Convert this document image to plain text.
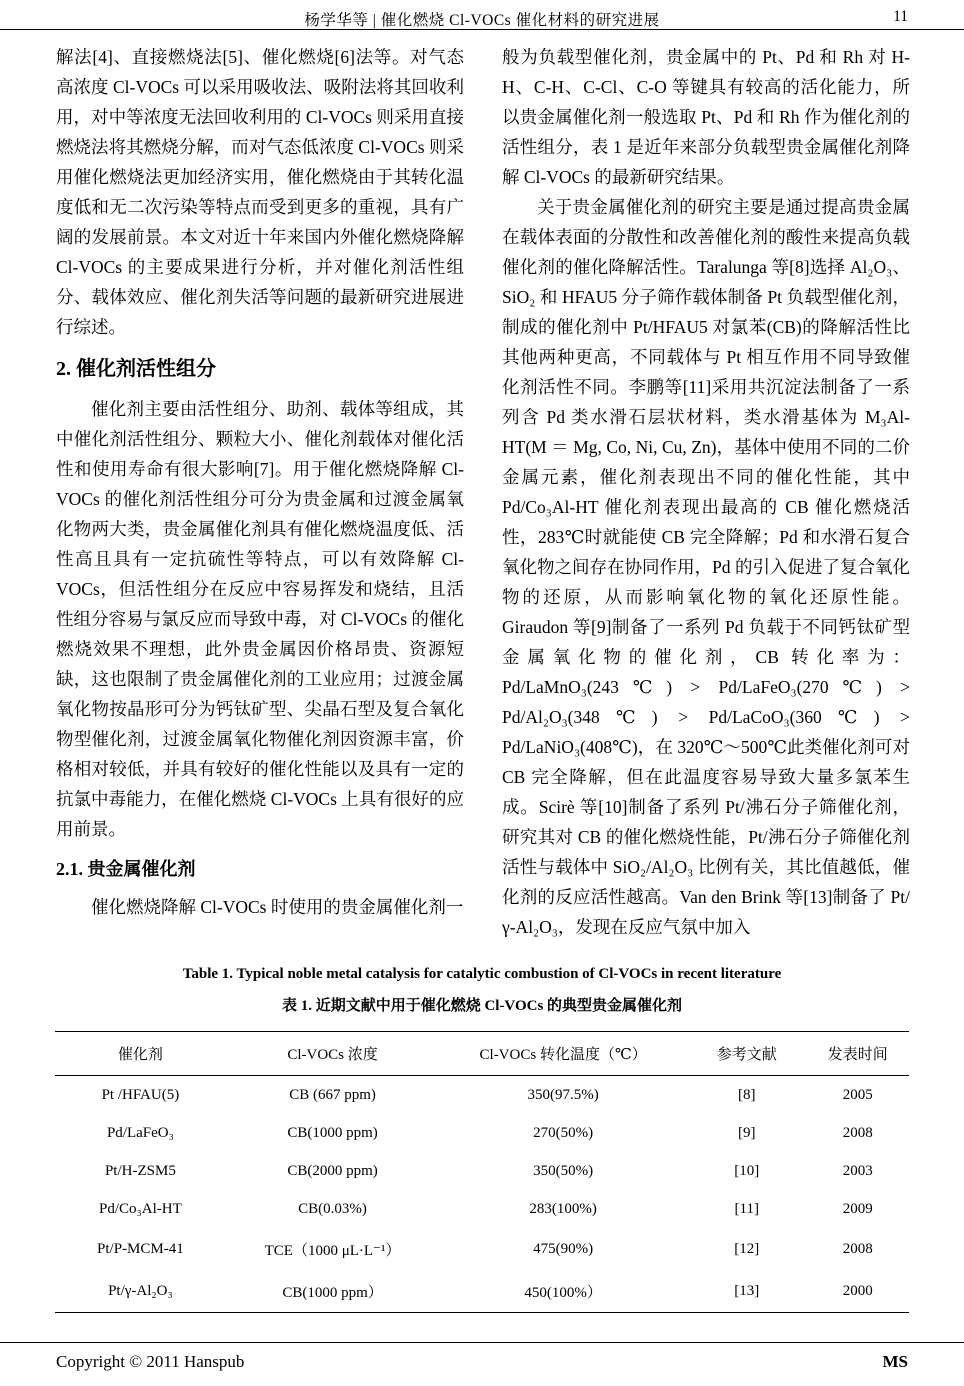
杨学华等 | 催化燃烧 Cl-VOCs 催化材料的研究进展	11

解法[4]、直接燃烧法[5]、催化燃烧[6]法等。对气态高浓度 Cl-VOCs 可以采用吸收法、吸附法将其回收利用，对中等浓度无法回收利用的 Cl-VOCs 则采用直接燃烧法将其燃烧分解，而对气态低浓度 Cl-VOCs 则采用催化燃烧法更加经济实用，催化燃烧由于其转化温度低和无二次污染等特点而受到更多的重视，具有广阔的发展前景。本文对近十年来国内外催化燃烧降解 Cl-VOCs 的主要成果进行分析，并对催化剂活性组分、载体效应、催化剂失活等问题的最新研究进展进行综述。

2. 催化剂活性组分

催化剂主要由活性组分、助剂、载体等组成，其中催化剂活性组分、颗粒大小、催化剂载体对催化活性和使用寿命有很大影响[7]。用于催化燃烧降解 Cl-VOCs 的催化剂活性组分可分为贵金属和过渡金属氧化物两大类，贵金属催化剂具有催化燃烧温度低、活性高且具有一定抗硫性等特点，可以有效降解 Cl-VOCs，但活性组分在反应中容易挥发和烧结，且活性组分容易与氯反应而导致中毒，对 Cl-VOCs 的催化燃烧效果不理想，此外贵金属因价格昂贵、资源短缺，这也限制了贵金属催化剂的工业应用；过渡金属氧化物按晶形可分为钙钛矿型、尖晶石型及复合氧化物型催化剂，过渡金属氧化物催化剂因资源丰富，价格相对较低，并具有较好的催化性能以及具有一定的抗氯中毒能力，在催化燃烧 Cl-VOCs 上具有很好的应用前景。

2.1. 贵金属催化剂

催化燃烧降解 Cl-VOCs 时使用的贵金属催化剂一

般为负载型催化剂，贵金属中的 Pt、Pd 和 Rh 对 H-H、C-H、C-Cl、C-O 等键具有较高的活化能力，所以贵金属催化剂一般选取 Pt、Pd 和 Rh 作为催化剂的活性组分，表 1 是近年来部分负载型贵金属催化剂降解 Cl-VOCs 的最新研究结果。

关于贵金属催化剂的研究主要是通过提高贵金属在载体表面的分散性和改善催化剂的酸性来提高负载催化剂的催化降解活性。Taralunga 等[8]选择 Al₂O₃、SiO₂ 和 HFAU5 分子筛作载体制备 Pt 负载型催化剂，制成的催化剂中 Pt/HFAU5 对氯苯(CB)的降解活性比其他两种更高，不同载体与 Pt 相互作用不同导致催化剂活性不同。李鹏等[11]采用共沉淀法制备了一系列含 Pd 类水滑石层状材料，类水滑基体为 M₃Al-HT(M ＝ Mg, Co, Ni, Cu, Zn)，基体中使用不同的二价金属元素，催化剂表现出不同的催化性能，其中 Pd/Co₃Al-HT 催化剂表现出最高的 CB 催化燃烧活性，283℃时就能使 CB 完全降解；Pd 和水滑石复合氧化物之间存在协同作用，Pd 的引入促进了复合氧化物的还原，从而影响氧化物的氧化还原性能。Giraudon 等[9]制备了一系列 Pd 负载于不同钙钛矿型金属氧化物的催化剂，CB 转化率为：Pd/LaMnO₃(243℃) > Pd/LaFeO₃(270℃) > Pd/Al₂O₃(348℃) > Pd/LaCoO₃(360℃) > Pd/LaNiO₃(408℃)，在 320℃～500℃此类催化剂可对 CB 完全降解，但在此温度容易导致大量多氯苯生成。Scirè 等[10]制备了系列 Pt/沸石分子筛催化剂，研究其对 CB 的催化燃烧性能，Pt/沸石分子筛催化剂活性与载体中 SiO₂/Al₂O₃ 比例有关，其比值越低，催化剂的反应活性越高。Van den Brink 等[13]制备了 Pt/γ-Al₂O₃，发现在反应气氛中加入

Table 1. Typical noble metal catalysis for catalytic combustion of Cl-VOCs in recent literature
表 1. 近期文献中用于催化燃烧 Cl-VOCs 的典型贵金属催化剂
催化剂	Cl-VOCs 浓度	Cl-VOCs 转化温度（℃）	参考文献	发表时间
Pt /HFAU(5)	CB (667 ppm)	350(97.5%)	[8]	2005
Pd/LaFeO₃	CB(1000 ppm)	270(50%)	[9]	2008
Pt/H-ZSM5	CB(2000 ppm)	350(50%)	[10]	2003
Pd/Co₃Al-HT	CB(0.03%)	283(100%)	[11]	2009
Pt/P-MCM-41	TCE（1000 μL·L⁻¹）	475(90%)	[12]	2008
Pt/γ-Al₂O₃	CB(1000 ppm）	450(100%）	[13]	2000
Copyright © 2011 Hanspub	MS
